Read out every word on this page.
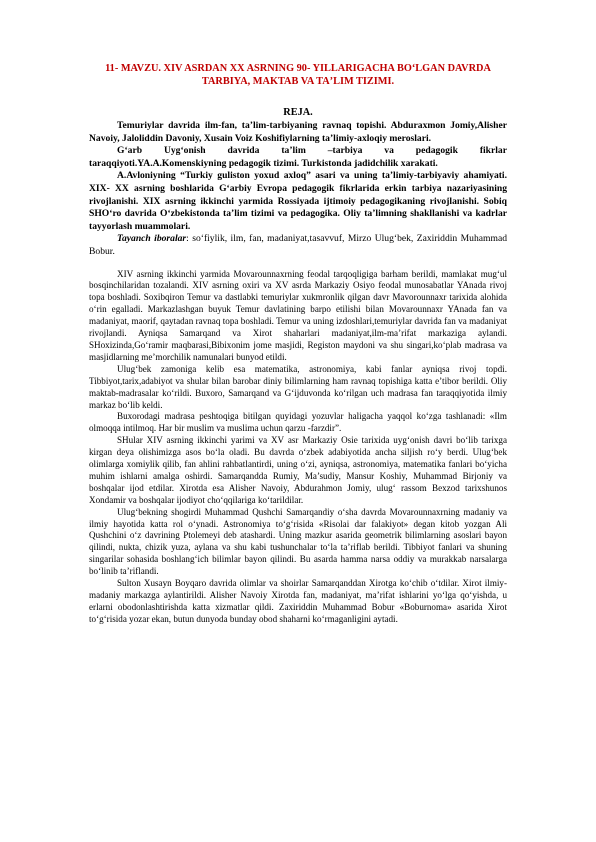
11- MAVZU. XIV ASRDAN XX ASRNING 90- YILLARIGACHA BOʻLGAN DAVRDA
TARBIYA, MAKTAB VA TAʼLIM TIZIMI.
REJA.

Temuriylar davrida ilm-fan, ta’lim-tarbiyaning ravnaq topishi. Abduraxmon Jomiy,Alisher Navoiy, Jaloliddin Davoniy, Xusain Voiz Koshifiylarning ta’limiy-axloqiy meroslari.

G‘arb Uyg‘onish davrida ta’lim –tarbiya va pedagogik fikrlar taraqqiyoti.YA.A.Komenskiyning pedagogik tizimi. Turkistonda jadidchilik xarakati.

A.Avloniyning “Turkiy guliston yoxud axloq” asari va uning ta’limiy-tarbiyaviy ahamiyati. XIX- XX asrning boshlarida G‘arbiy Evropa pedagogik fikrlarida erkin tarbiya nazariyasining rivojlanishi. XIX asrning ikkinchi yarmida Rossiyada ijtimoiy pedagogikaning rivojlanishi. Sobiq SHO‘ro davrida O‘zbekistonda ta’lim tizimi va pedagogika. Oliy ta’limning shakllanishi va kadrlar tayyorlash muammolari.

Tayanch iboralar: so‘fiylik, ilm, fan, madaniyat,tasavvuf, Mirzo Ulug‘bek, Zaxiriddin Muhammad Bobur.

XIV asrning ikkinchi yarmida Movarounnaxrning feodal tarqoqligiga barham berildi, mamlakat mug‘ul bosqinchilaridan tozalandi. XIV asrning oxiri va XV asrda Markaziy Osiyo feodal munosabatlar YAnada rivoj topa boshladi. Soxibqiron Temur va dastlabki temuriylar xukmronlik qilgan davr Mavorounnaxr tarixida alohida o‘rin egalladi. Markazlashgan buyuk Temur davlatining barpo etilishi bilan Movarounnaxr YAnada fan va madaniyat, maorif, qaytadan ravnaq topa boshladi. Temur va uning izdoshlari,temuriylar davrida fan va madaniyat rivojlandi. Ayniqsa Samarqand va Xirot shaharlari madaniyat,ilm-ma’rifat markaziga aylandi. SHoxizinda,Go‘ramir maqbarasi,Bibixonim jome masjidi, Registon maydoni va shu singari,ko‘plab madrasa va masjidlarning me’morchilik namunalari bunyod etildi.

Ulug‘bek zamoniga kelib esa matematika, astronomiya, kabi fanlar ayniqsa rivoj topdi. Tibbiyot,tarix,adabiyot va shular bilan barobar diniy bilimlarning ham ravnaq topishiga katta e’tibor berildi. Oliy maktab-madrasalar ko‘rildi. Buxoro, Samarqand va G‘ijduvonda ko‘rilgan uch madrasa fan taraqqiyotida ilmiy markaz bo‘lib keldi.

Buxorodagi madrasa peshtoqiga bitilgan quyidagi yozuvlar haligacha yaqqol ko‘zga tashlanadi: «Ilm olmoqqa intilmoq. Har bir muslim va muslima uchun qarzu -farzdir”.

SHular XIV asrning ikkinchi yarimi va XV asr Markaziy Osie tarixida uyg‘onish davri bo‘lib tarixga kirgan deya olishimizga asos bo‘la oladi. Bu davrda o‘zbek adabiyotida ancha siljish ro‘y berdi. Ulug‘bek olimlarga xomiylik qilib, fan ahlini rahbatlantirdi, uning o‘zi, ayniqsa, astronomiya, matematika fanlari bo‘yicha muhim ishlarni amalga oshirdi. Samarqandda Rumiy, Ma’sudiy, Mansur Koshiy, Muhammad Birjoniy va boshqalar ijod etdilar. Xirotda esa Alisher Navoiy, Abdurahmon Jomiy, ulug‘ rassom Bexzod tarixshunos Xondamir va boshqalar ijodiyot cho‘qqilariga ko‘tarildilar.

Ulug‘bekning shogirdi Muhammad Qushchi Samarqandiy o‘sha davrda Movarounnaxrning madaniy va ilmiy hayotida katta rol o‘ynadi. Astronomiya to‘g‘risida «Risolai dar falakiyot» degan kitob yozgan Ali Qushchini o‘z davrining Ptolemeyi deb atashardi. Uning mazkur asarida geometrik bilimlarning asoslari bayon qilindi, nukta, chizik yuza, aylana va shu kabi tushunchalar to‘la ta’riflab berildi. Tibbiyot fanlari va shuning singarilar sohasida boshlang‘ich bilimlar bayon qilindi. Bu asarda hamma narsa oddiy va murakkab narsalarga bo‘linib ta’riflandi.

Sulton Xusayn Boyqaro davrida olimlar va shoirlar Samarqanddan Xirotga ko‘chib o‘tdilar. Xirot ilmiy-madaniy markazga aylantirildi. Alisher Navoiy Xirotda fan, madaniyat, ma’rifat ishlarini yo‘lga qo‘yishda, u erlarni obodonlashtirishda katta xizmatlar qildi. Zaxiriddin Muhammad Bobur «Boburnoma» asarida Xirot to‘g‘risida yozar ekan, butun dunyoda bunday obod shaharni ko‘rmaganligini aytadi.
